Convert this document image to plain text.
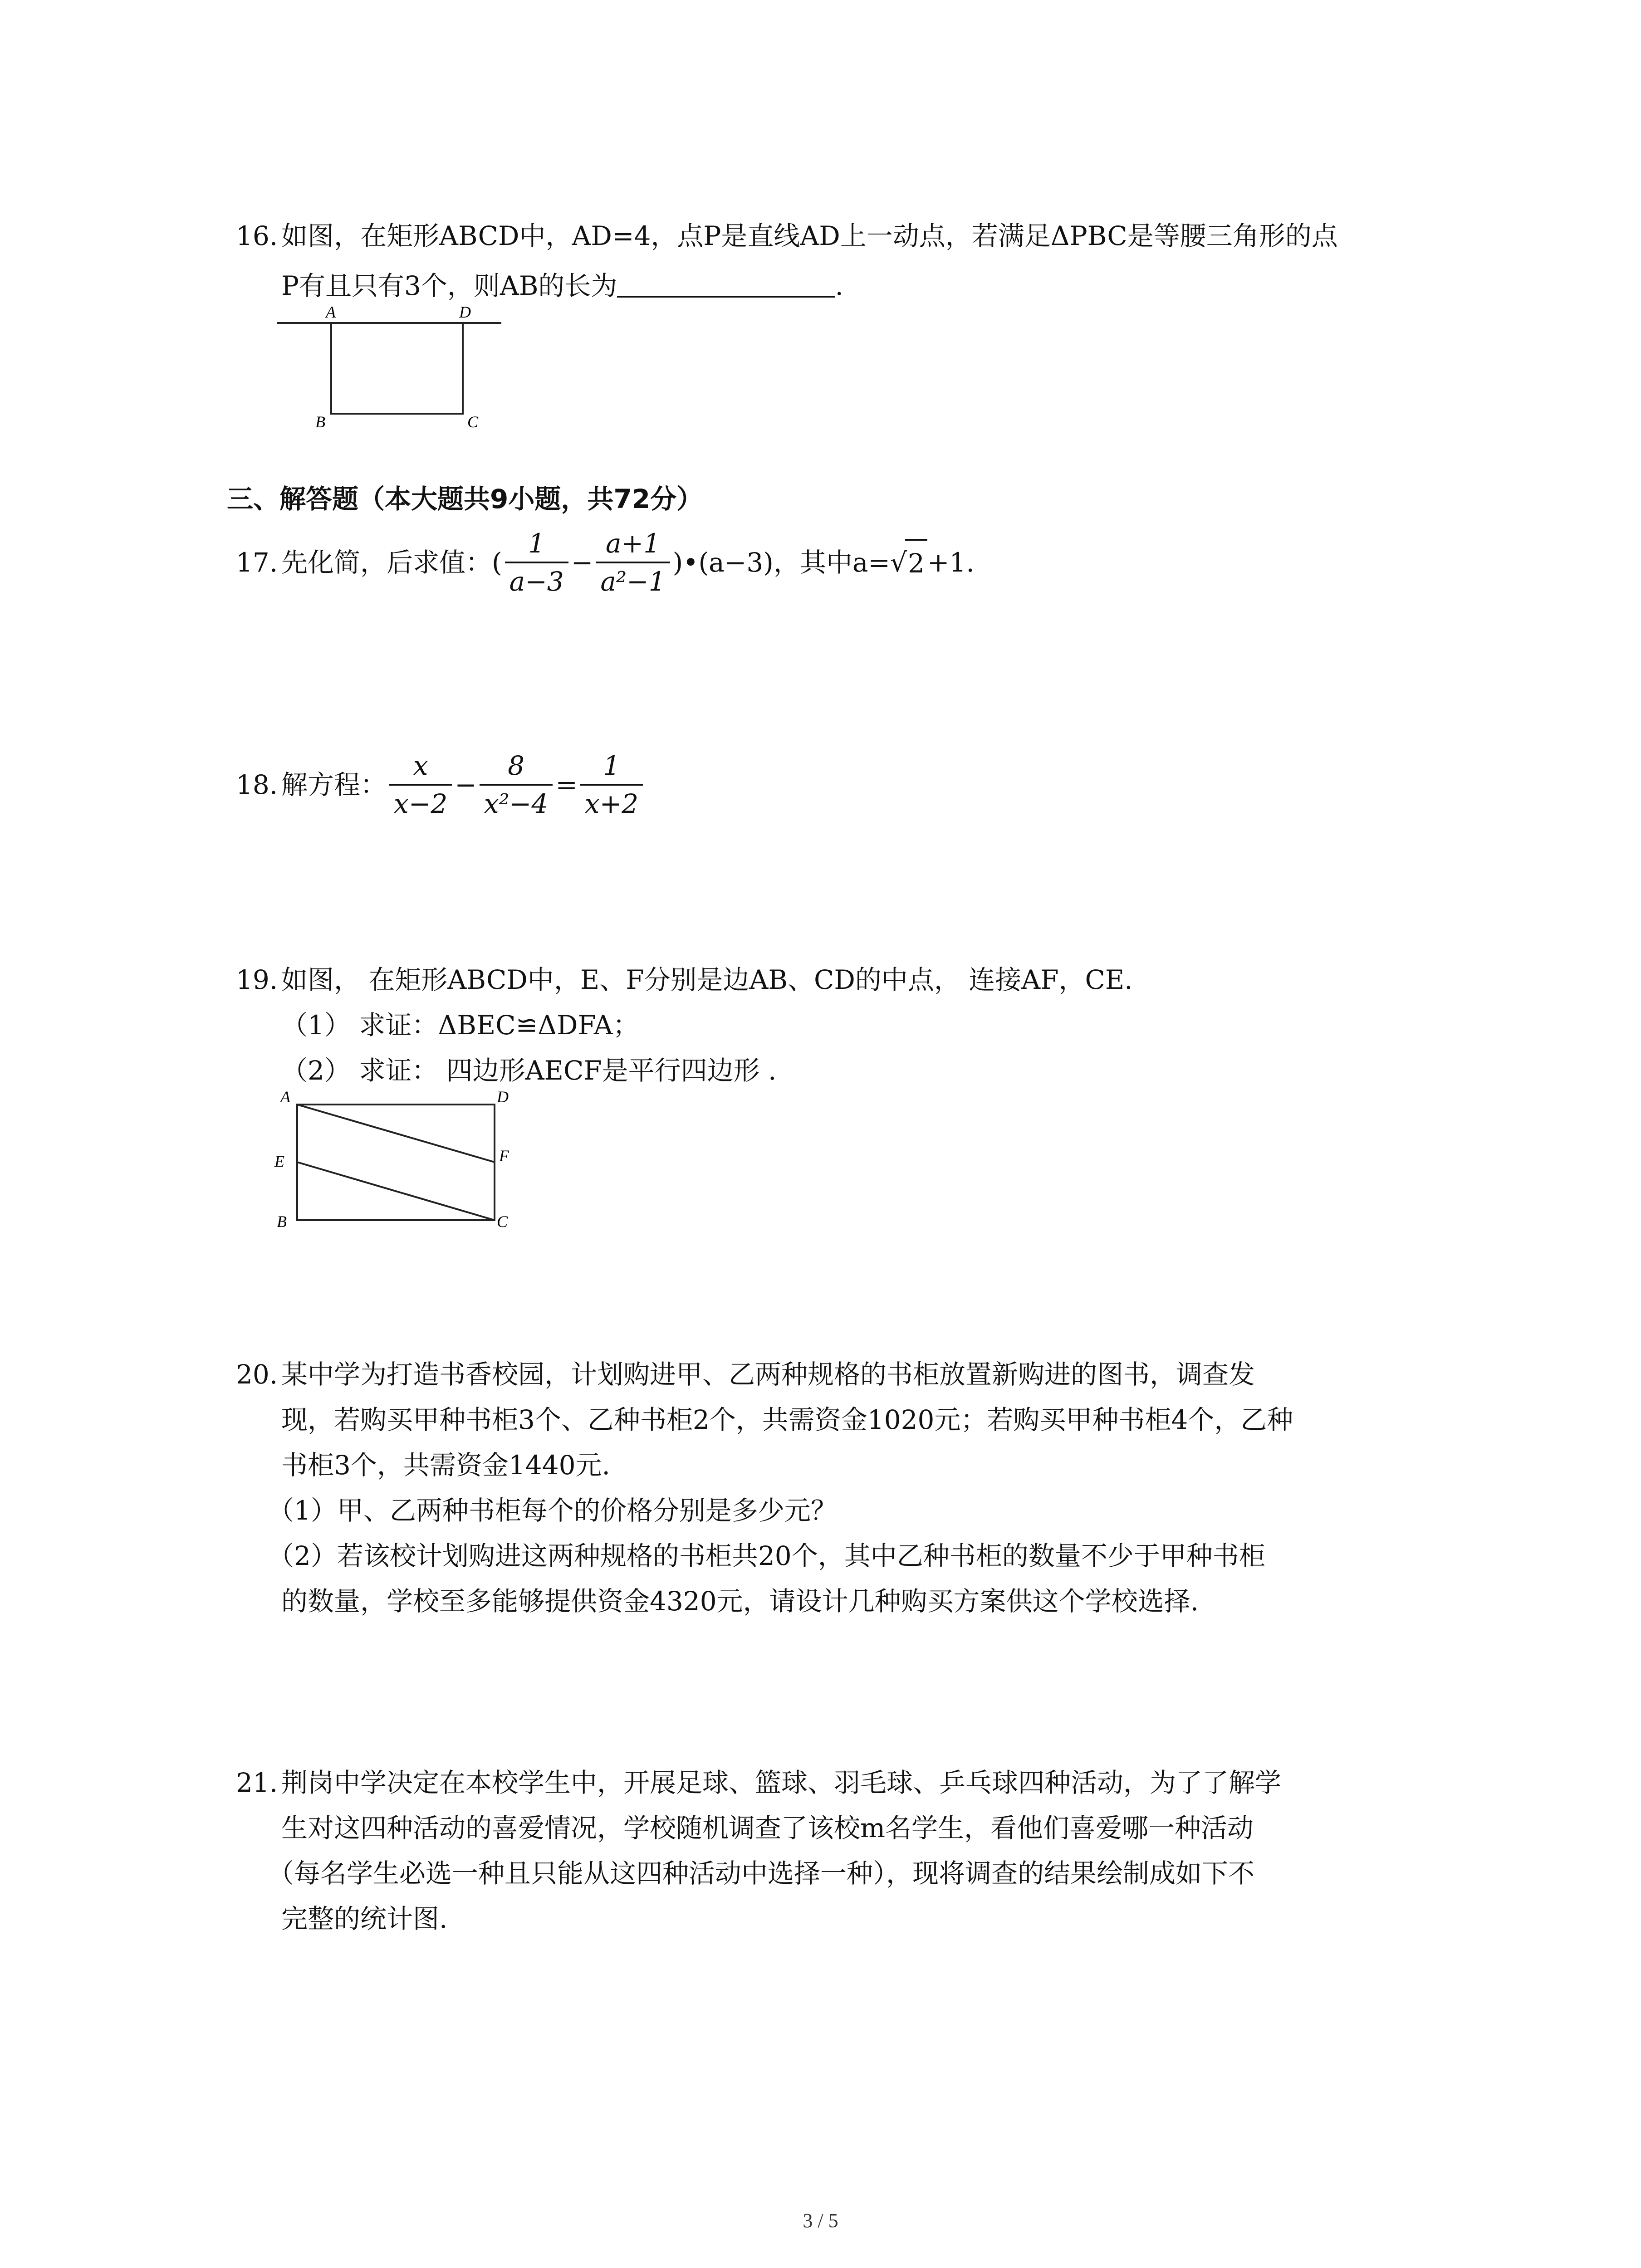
16. 如图，在矩形ABCD中，AD=4，点P是直线AD上一动点，若满足ΔPBC是等腰三角形的点
P有且只有3个，则AB的长为	.
A	D
B	C
三、解答题（本大题共9小题，共72分）
17. 先化简，后求值：( $\frac{1}{a-3} - \frac{a+1}{\text{a²−1}}$ )•(a−3)，其中a= √ 2 +1.
18. 解方程： $\frac{x}{x-2} - \frac{8}{\text{x²−4}} = \frac{1}{x+2}$
19. 如图， 在矩形ABCD中，E、F分别是边AB、CD的中点， 连接AF，CE.
（1） 求证：ΔBEC≌ΔDFA；
（2） 求证： 四边形AECF是平行四边形 .
A	D
E	F
B	C
20. 某中学为打造书香校园，计划购进甲、乙两种规格的书柜放置新购进的图书，调查发
现，若购买甲种书柜3个、乙种书柜2个，共需资金1020元；若购买甲种书柜4个，乙种
书柜3个，共需资金1440元.
（1）甲、乙两种书柜每个的价格分别是多少元？
（2）若该校计划购进这两种规格的书柜共20个，其中乙种书柜的数量不少于甲种书柜
的数量，学校至多能够提供资金4320元，请设计几种购买方案供这个学校选择.
21. 荆岗中学决定在本校学生中，开展足球、篮球、羽毛球、乒乓球四种活动，为了了解学
生对这四种活动的喜爱情况，学校随机调查了该校m名学生，看他们喜爱哪一种活动
（每名学生必选一种且只能从这四种活动中选择一种），现将调查的结果绘制成如下不
完整的统计图.
3 / 5
